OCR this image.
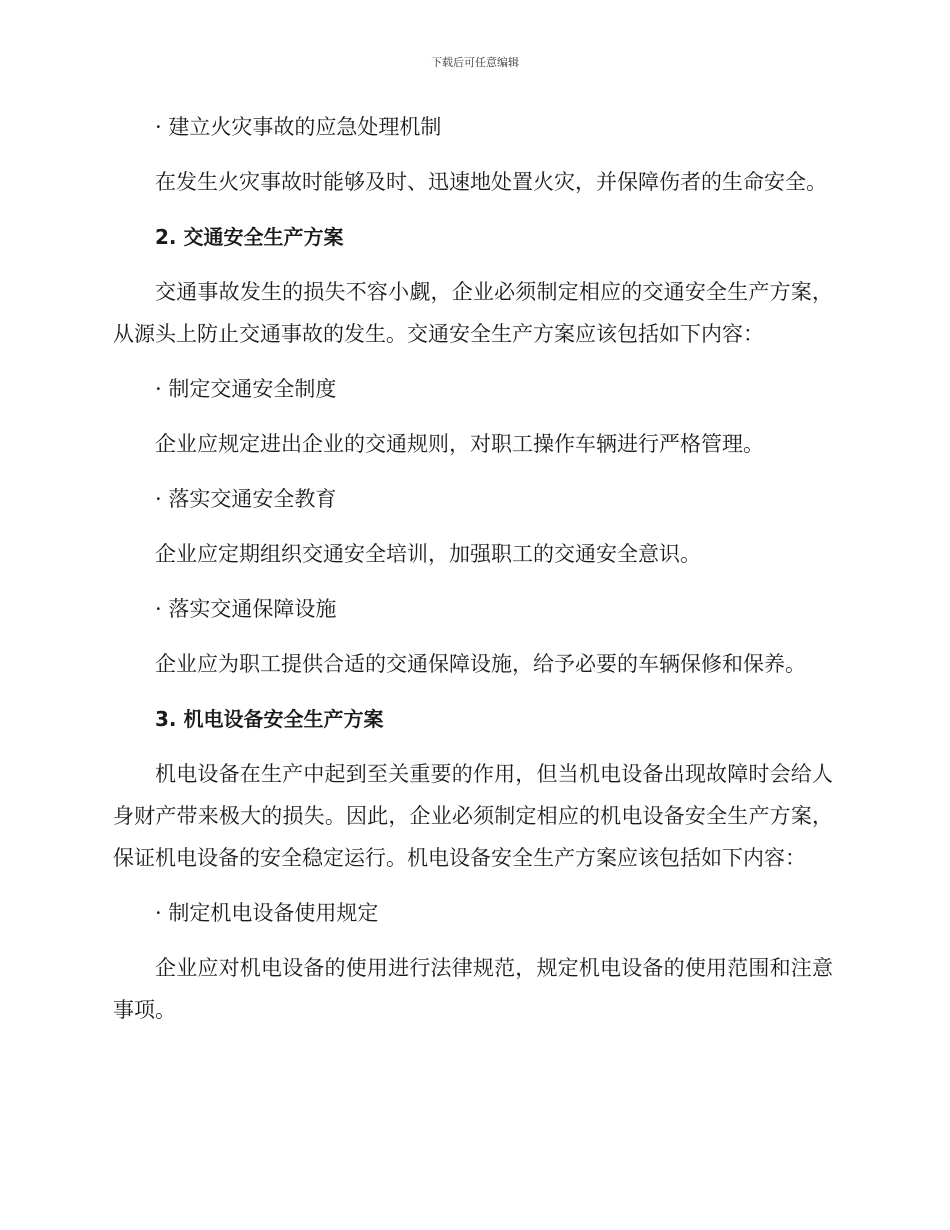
下载后可任意编辑
· 建立火灾事故的应急处理机制
在发生火灾事故时能够及时、迅速地处置火灾，并保障伤者的生命安全。
2. 交通安全生产方案
交通事故发生的损失不容小觑，企业必须制定相应的交通安全生产方案，从源头上防止交通事故的发生。交通安全生产方案应该包括如下内容：
· 制定交通安全制度
企业应规定进出企业的交通规则，对职工操作车辆进行严格管理。
· 落实交通安全教育
企业应定期组织交通安全培训，加强职工的交通安全意识。
· 落实交通保障设施
企业应为职工提供合适的交通保障设施，给予必要的车辆保修和保养。
3. 机电设备安全生产方案
机电设备在生产中起到至关重要的作用，但当机电设备出现故障时会给人身财产带来极大的损失。因此，企业必须制定相应的机电设备安全生产方案，保证机电设备的安全稳定运行。机电设备安全生产方案应该包括如下内容：
· 制定机电设备使用规定
企业应对机电设备的使用进行法律规范，规定机电设备的使用范围和注意事项。
